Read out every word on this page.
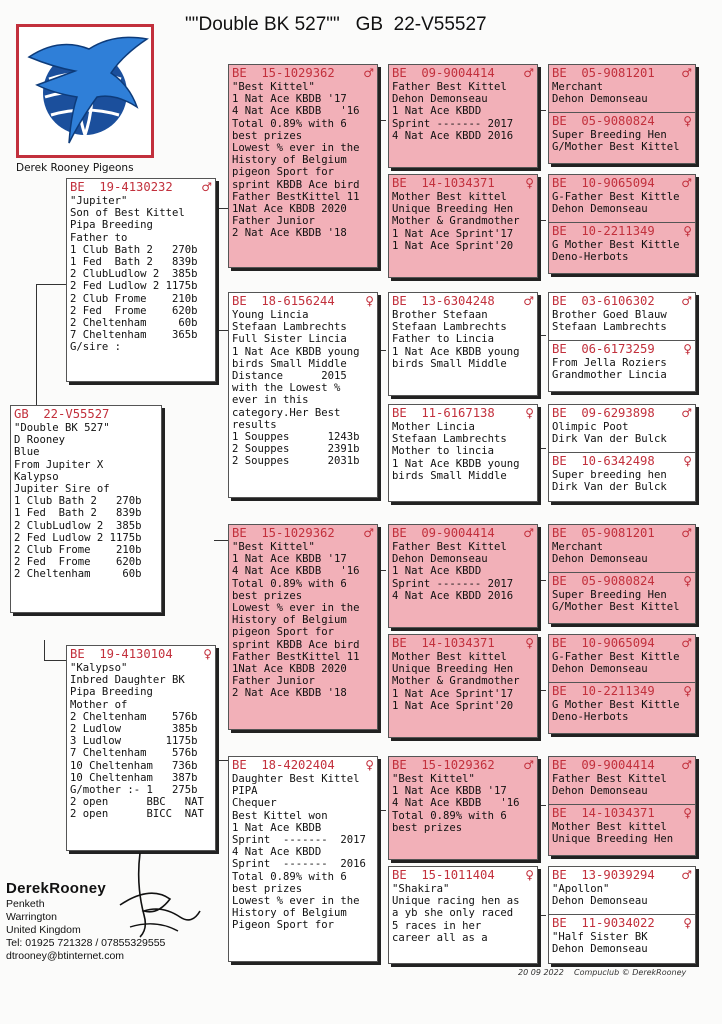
""Double BK 527""   GB  22-V55527
Derek Rooney Pigeons
BE  19-4130232 ♂
"Jupiter"
Son of Best Kittel
Pipa Breeding
Father to
1 Club Bath 2   270b
1 Fed  Bath 2   839b
2 ClubLudlow 2  385b
2 Fed Ludlow 2 1175b
2 Club Frome    210b
2 Fed  Frome    620b
2 Cheltenham     60b
7 Cheltenham    365b
G/sire :
GB  22-V55527
"Double BK 527"
D Rooney
Blue
From Jupiter X
Kalypso
Jupiter Sire of
1 Club Bath 2   270b
1 Fed  Bath 2   839b
2 ClubLudlow 2  385b
2 Fed Ludlow 2 1175b
2 Club Frome    210b
2 Fed  Frome    620b
2 Cheltenham     60b
BE  19-4130104	♀
"Kalypso"
Inbred Daughter BK
Pipa Breeding
Mother of
2 Cheltenham    576b
2 Ludlow        385b
3 Ludlow       1175b
7 Cheltenham    576b
10 Cheltenham   736b
10 Cheltenham   387b
G/mother :- 1   275b
2 open      BBC   NAT
2 open      BICC  NAT
BE  15-1029362 ♂
"Best Kittel"
1 Nat Ace KBDB '17
4 Nat Ace KBDB   '16
Total 0.89% with 6
best prizes
Lowest % ever in the
History of Belgium
pigeon Sport for
sprint KBDB Ace bird
Father BestKittel 11
1Nat Ace KBDB 2020
Father Junior
2 Nat Ace KBDB '18
BE  18-6156244	♀
Young Lincia
Stefaan Lambrechts
Full Sister Lincia
1 Nat Ace KBDB young
birds Small Middle
Distance      2015
with the Lowest %
ever in this
category.Her Best
results
1 Souppes      1243b
2 Souppes      2391b
2 Souppes      2031b
BE  15-1029362 ♂
"Best Kittel"
1 Nat Ace KBDB '17
4 Nat Ace KBDB   '16
Total 0.89% with 6
best prizes
Lowest % ever in the
History of Belgium
pigeon Sport for
sprint KBDB Ace bird
Father BestKittel 11
1Nat Ace KBDB 2020
Father Junior
2 Nat Ace KBDB '18
BE  18-4202404	♀
Daughter Best Kittel
PIPA
Chequer
Best Kittel won
1 Nat Ace KBDB
Sprint  -------  2017
4 Nat Ace KBDD
Sprint  -------  2016
Total 0.89% with 6
best prizes
Lowest % ever in the
History of Belgium
Pigeon Sport for
BE  09-9004414 ♂
Father Best Kittel
Dehon Demonseau
1 Nat Ace KBDD
Sprint ------- 2017
4 Nat Ace KBDD 2016
BE  14-1034371	♀
Mother Best kittel
Unique Breeding Hen
Mother & Grandmother
1 Nat Ace Sprint'17
1 Nat Ace Sprint'20
BE  13-6304248 ♂
Brother Stefaan
Stefaan Lambrechts
Father to Lincia
1 Nat Ace KBDB young
birds Small Middle
BE  11-6167138	♀
Mother Lincia
Stefaan Lambrechts
Mother to lincia
1 Nat Ace KBDB young
birds Small Middle
BE  09-9004414 ♂
Father Best Kittel
Dehon Demonseau
1 Nat Ace KBDD
Sprint ------- 2017
4 Nat Ace KBDD 2016
BE  14-1034371	♀
Mother Best kittel
Unique Breeding Hen
Mother & Grandmother
1 Nat Ace Sprint'17
1 Nat Ace Sprint'20
BE  15-1029362 ♂
"Best Kittel"
1 Nat Ace KBDB '17
4 Nat Ace KBDB   '16
Total 0.89% with 6
best prizes
BE  15-1011404	♀
"Shakira"
Unique racing hen as
a yb she only raced
5 races in her
career all as a
BE  05-9081201 ♂
Merchant
Dehon Demonseau
BE  05-9080824 ♀
Super Breeding Hen
G/Mother Best Kittel
BE  10-9065094 ♂
G-Father Best Kittle
Dehon Demonseau
BE  10-2211349 ♀
G Mother Best Kittle
Deno-Herbots
BE  03-6106302 ♂
Brother Goed Blauw
Stefaan Lambrechts
BE  06-6173259 ♀
From Jella Roziers
Grandmother Lincia
BE  09-6293898 ♂
Olimpic Poot
Dirk Van der Bulck
BE  10-6342498 ♀
Super breeding hen
Dirk Van der Bulck
BE  05-9081201 ♂
Merchant
Dehon Demonseau
BE  05-9080824 ♀
Super Breeding Hen
G/Mother Best Kittel
BE  10-9065094 ♂
G-Father Best Kittle
Dehon Demonseau
BE  10-2211349 ♀
G Mother Best Kittle
Deno-Herbots
BE  09-9004414 ♂
Father Best Kittel
Dehon Demonseau
BE  14-1034371 ♀
Mother Best kittel
Unique Breeding Hen
BE  13-9039294 ♂
"Apollon"
Dehon Demonseau
BE  11-9034022 ♀
"Half Sister BK
Dehon Demonseau
DerekRooney
Penketh
Warrington
United Kingdom
Tel: 01925 721328 / 07855329555
dtrooney@btinternet.com
20 09 2022    Compuclub © DerekRooney
